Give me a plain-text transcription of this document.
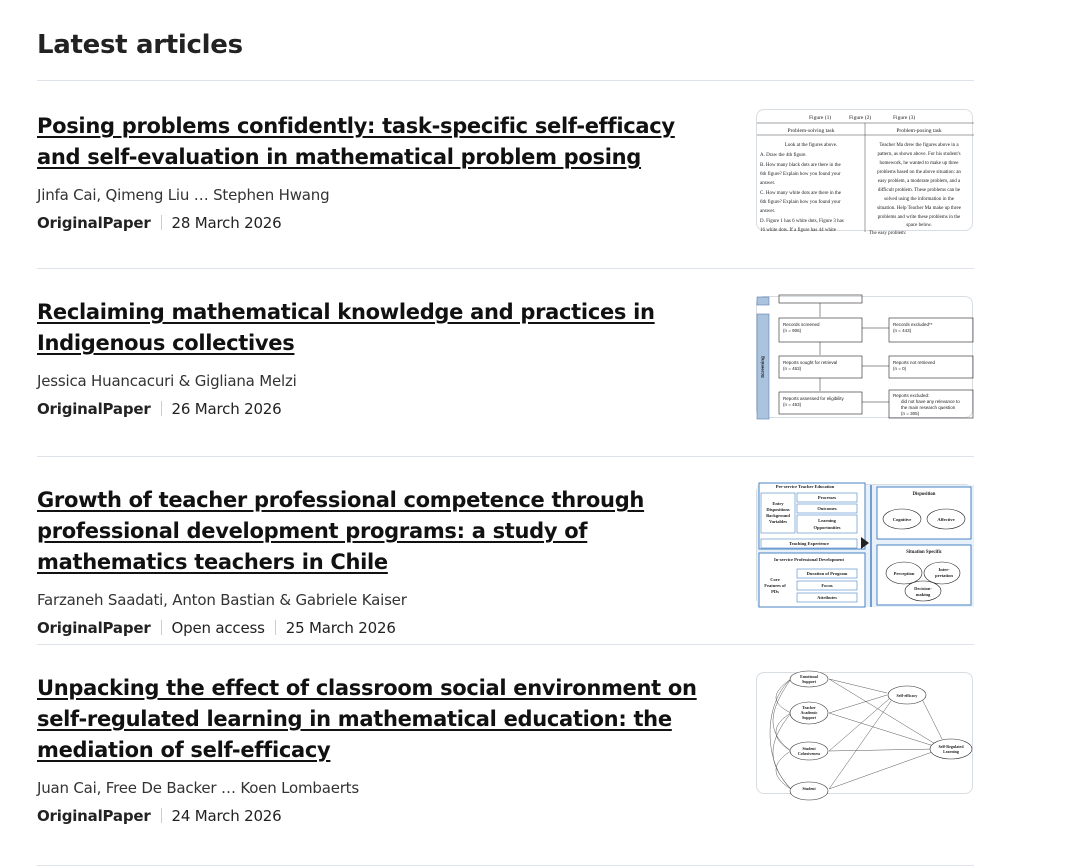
Latest articles
Posing problems confidently: task-specific self-efficacy and self-evaluation in mathematical problem posing
Jinfa Cai, Qimeng Liu … Stephen Hwang
OriginalPaper 28 March 2026
Figure (1)	Figure (2)	Figure (3)
Problem-solving task	Problem-posing task
Look at the figures above.
A. Draw the 4th figure.
B. How many black dots are there in the
6th figure? Explain how you found your
answer.
C. How many white dots are there in the
6th figure? Explain how you found your
answer.
D. Figure 1 has 6 white dots, Figure 3 has
16 white dots. If a figure has 44 white
Teacher Ma drew the figures above in a
pattern, as shown above. For his student's
homework, he wanted to make up three
problems based on the above situation: an
easy problem, a moderate problem, and a
difficult problem. These problems can be
solved using the information in the
situation. Help Teacher Ma make up three
problems and write these problems in the
space below.
The easy problem:
Reclaiming mathematical knowledge and practices in Indigenous collectives
Jessica Huancacuri & Gigliana Melzi
OriginalPaper 26 March 2026
Screening
Records screened
(n = 906)
Records excluded**
(n = 443)
Reports sought for retrieval
(n = 463)
Reports not retrieved
(n = 0)
Reports assessed for eligibility
(n = 463)
Reports excluded:
did not have any relevance to
the main research question
(n = 305)
Growth of teacher professional competence through professional development programs: a study of mathematics teachers in Chile
Farzaneh Saadati, Anton Bastian & Gabriele Kaiser
OriginalPaper Open access 25 March 2026
Pre-service Teacher Education
Entry
Dispositions
Background
Variables
Processes
Outcomes
Learning
Opportunities
Teaching Experience
In-service Professional Development
Core
Features of
PDs
Duration of Program
Focus
Attributes
Disposition
Cognitive	Affective
Situation Specific
Perception
Inter-
pretation
Decision-
making
Unpacking the effect of classroom social environment on self-regulated learning in mathematical education: the mediation of self-efficacy
Juan Cai, Free De Backer … Koen Lombaerts
OriginalPaper 24 March 2026
Emotional
Support
Teacher
Academic
Support
Student
Cohesiveness
Student
Self-efficacy
Self-Regulated
Learning
